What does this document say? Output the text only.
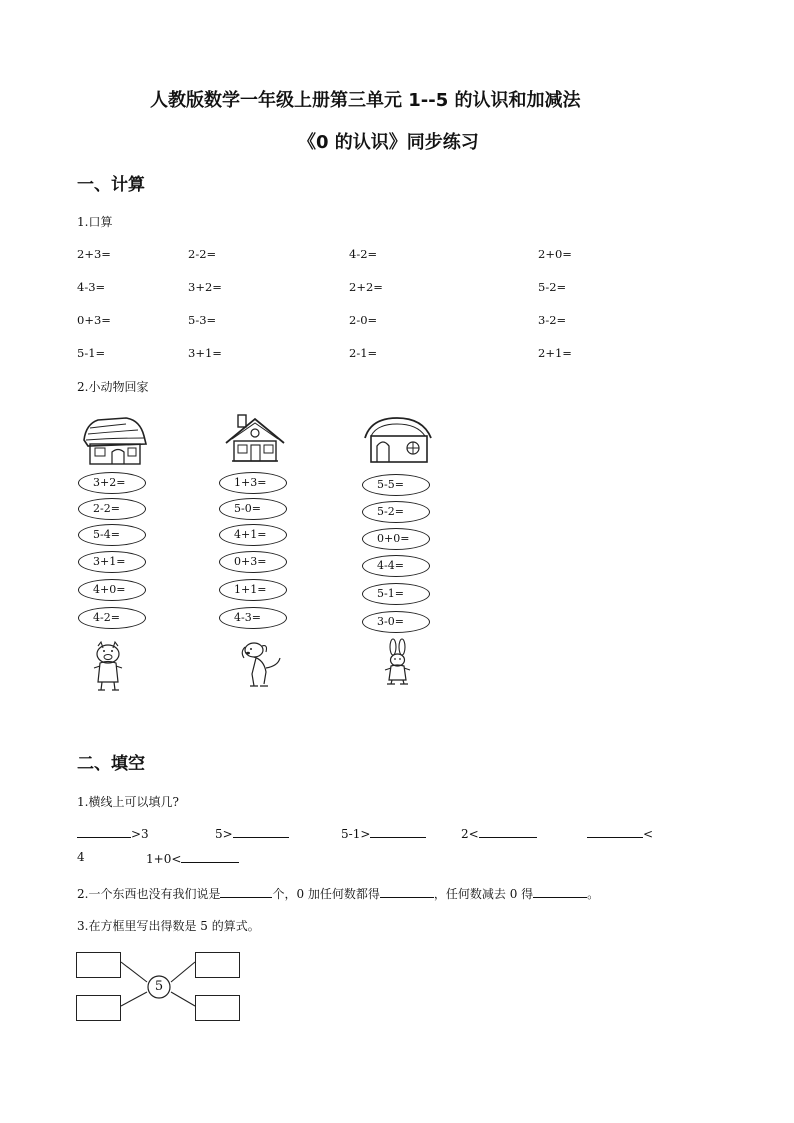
人教版数学一年级上册第三单元 1--5 的认识和加减法
《0 的认识》同步练习
一、计算
1.口算
2+3=	2-2=	4-2=	2+0=
4-3=	3+2=	2+2=	5-2=
0+3=	5-3=	2-0=	3-2=
5-1=	3+1=	2-1=	2+1=
2.小动物回家
3+2=
2-2=
5-4=
3+1=
4+0=
4-2=
1+3=
5-0=
4+1=
0+3=
1+1=
4-3=
5-5=
5-2=
0+0=
4-4=
5-1=
3-0=
二、填空
1.横线上可以填几?
>3	5>	5-1>	2<	<
4	1+0<
2.一个东西也没有我们说是	个，0 加任何数都得	，任何数减去 0 得	。
3.在方框里写出得数是 5 的算式。
5
